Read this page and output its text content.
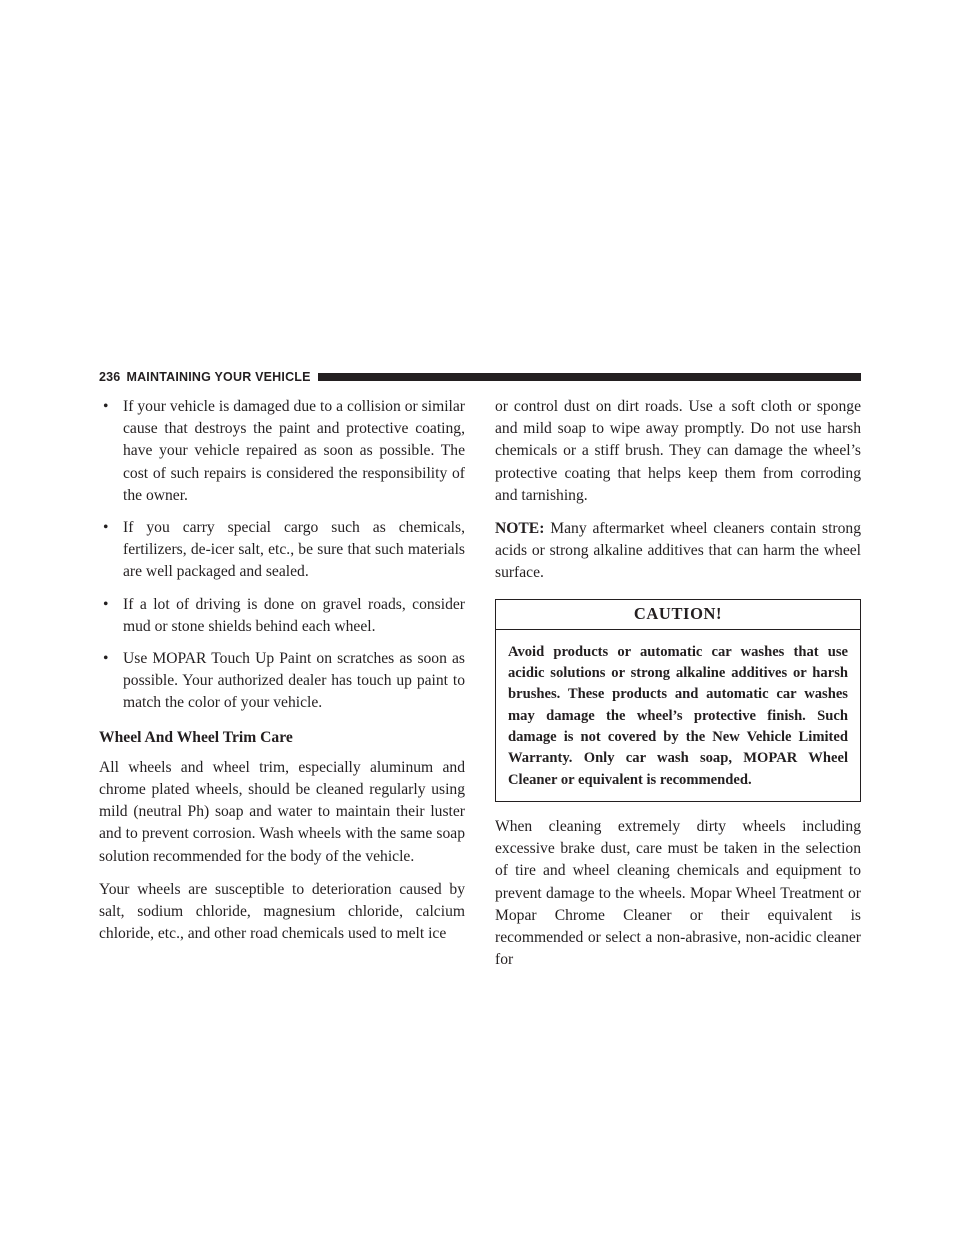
236 MAINTAINING YOUR VEHICLE
• If your vehicle is damaged due to a collision or similar cause that destroys the paint and protective coating, have your vehicle repaired as soon as possible. The cost of such repairs is considered the responsibility of the owner.
• If you carry special cargo such as chemicals, fertilizers, de-icer salt, etc., be sure that such materials are well packaged and sealed.
• If a lot of driving is done on gravel roads, consider mud or stone shields behind each wheel.
• Use MOPAR Touch Up Paint on scratches as soon as possible. Your authorized dealer has touch up paint to match the color of your vehicle.
Wheel And Wheel Trim Care

All wheels and wheel trim, especially aluminum and chrome plated wheels, should be cleaned regularly using mild (neutral Ph) soap and water to maintain their luster and to prevent corrosion. Wash wheels with the same soap solution recommended for the body of the vehicle.

Your wheels are susceptible to deterioration caused by salt, sodium chloride, magnesium chloride, calcium chloride, etc., and other road chemicals used to melt ice

or control dust on dirt roads. Use a soft cloth or sponge and mild soap to wipe away promptly. Do not use harsh chemicals or a stiff brush. They can damage the wheel’s protective coating that helps keep them from corroding and tarnishing.

NOTE: Many aftermarket wheel cleaners contain strong acids or strong alkaline additives that can harm the wheel surface.

CAUTION!
Avoid products or automatic car washes that use acidic solutions or strong alkaline additives or harsh brushes. These products and automatic car washes may damage the wheel’s protective finish. Such damage is not covered by the New Vehicle Limited Warranty. Only car wash soap, MOPAR Wheel Cleaner or equivalent is recommended.

When cleaning extremely dirty wheels including excessive brake dust, care must be taken in the selection of tire and wheel cleaning chemicals and equipment to prevent damage to the wheels. Mopar Wheel Treatment or Mopar Chrome Cleaner or their equivalent is recommended or select a non-abrasive, non-acidic cleaner for
